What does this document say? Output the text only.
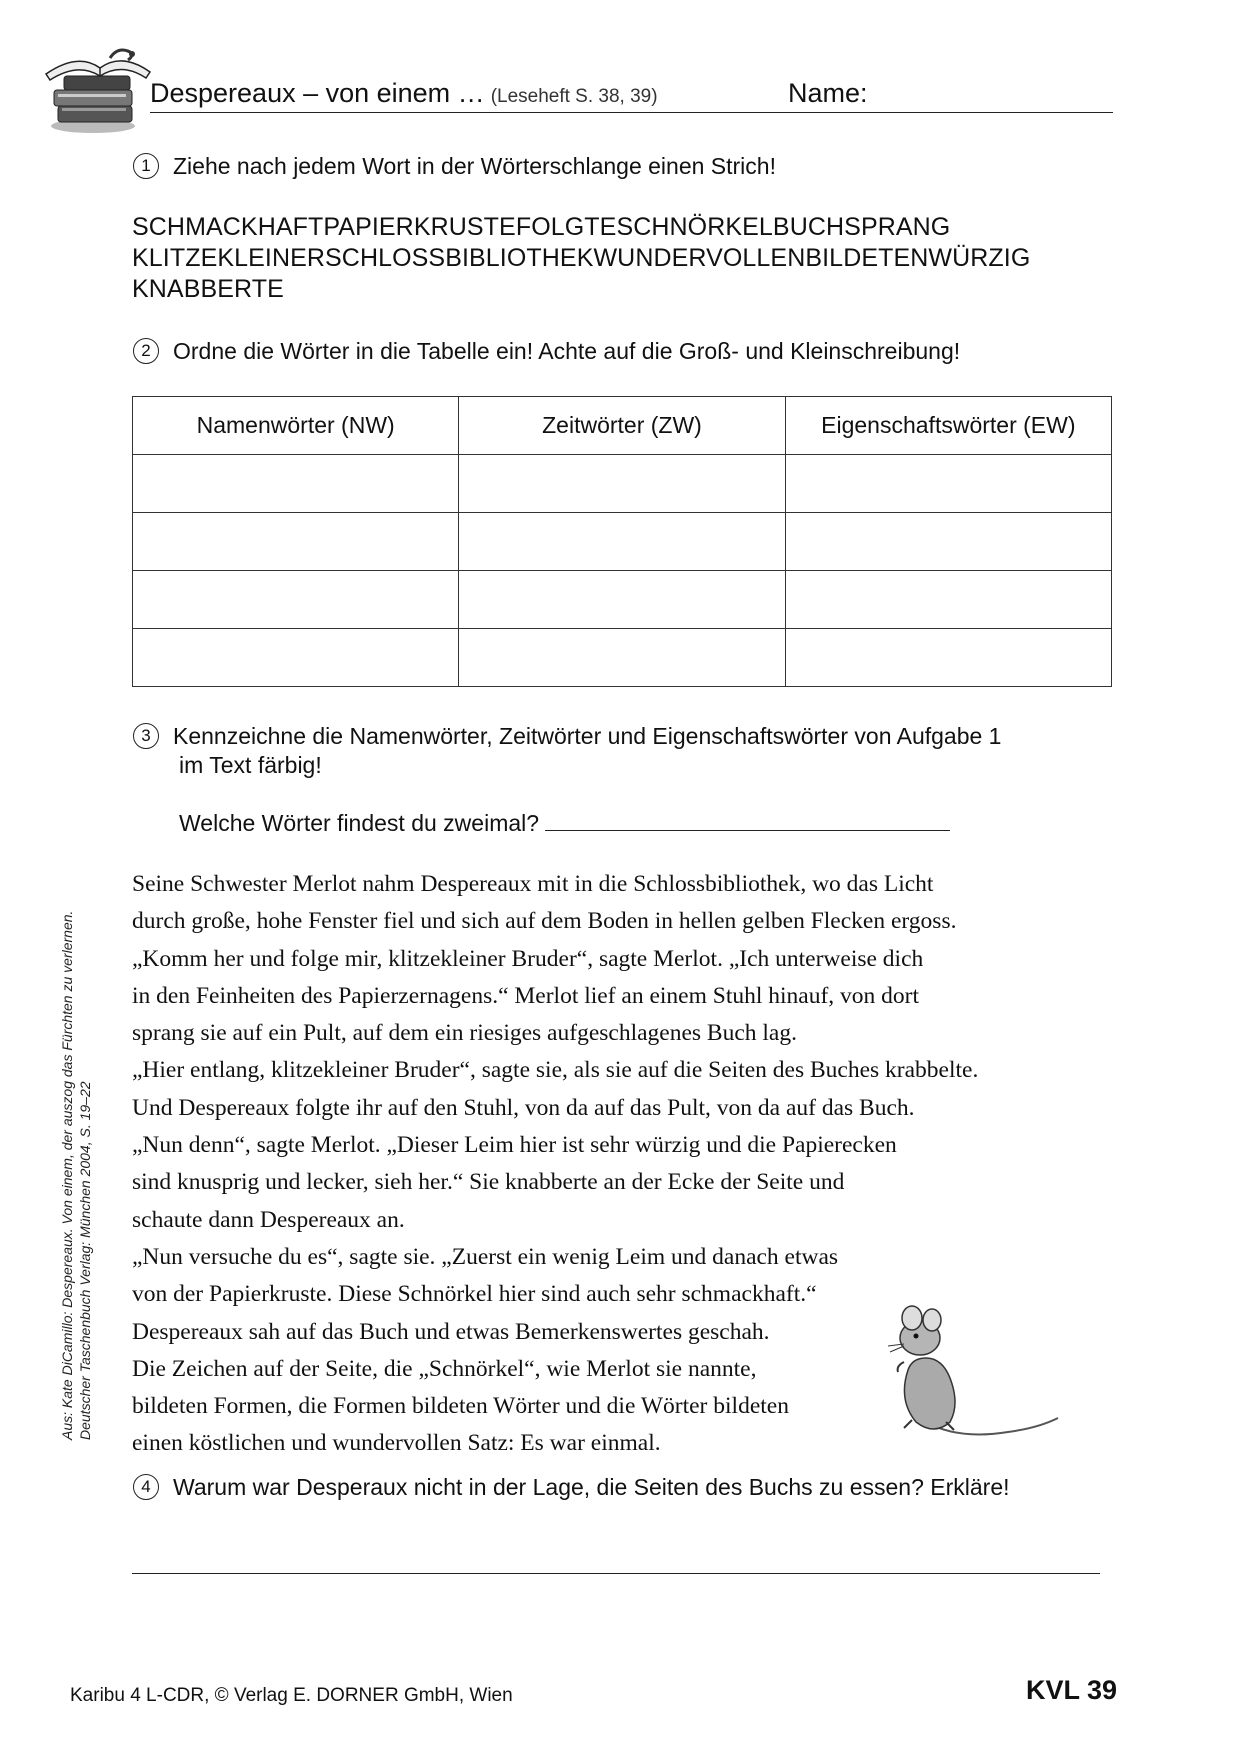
Despereaux – von einem … (Leseheft S. 38, 39)	Name:
1 Ziehe nach jedem Wort in der Wörterschlange einen Strich!
SCHMACKHAFTPAPIERKRUSTEFOLGTESCHNÖRKELBUCHSPRANG
KLITZEKLEINERSCHLOSSBIBLIOTHEKWUNDERVOLLENBILDETENWÜRZIG
KNABBERTE
2 Ordne die Wörter in die Tabelle ein! Achte auf die Groß- und Kleinschreibung!
Namenwörter (NW)	Zeitwörter (ZW)	Eigenschaftswörter (EW)

3 Kennzeichne die Namenwörter, Zeitwörter und Eigenschaftswörter von Aufgabe 1
im Text färbig!
Welche Wörter findest du zweimal?
Seine Schwester Merlot nahm Despereaux mit in die Schlossbibliothek, wo das Licht
durch große, hohe Fenster fiel und sich auf dem Boden in hellen gelben Flecken ergoss.
„Komm her und folge mir, klitzekleiner Bruder“, sagte Merlot. „Ich unterweise dich
in den Feinheiten des Papierzernagens.“ Merlot lief an einem Stuhl hinauf, von dort
sprang sie auf ein Pult, auf dem ein riesiges aufgeschlagenes Buch lag.
„Hier entlang, klitzekleiner Bruder“, sagte sie, als sie auf die Seiten des Buches krabbelte.
Und Despereaux folgte ihr auf den Stuhl, von da auf das Pult, von da auf das Buch.
„Nun denn“, sagte Merlot. „Dieser Leim hier ist sehr würzig und die Papierecken
sind knusprig und lecker, sieh her.“ Sie knabberte an der Ecke der Seite und
schaute dann Despereaux an.
„Nun versuche du es“, sagte sie. „Zuerst ein wenig Leim und danach etwas
von der Papierkruste. Diese Schnörkel hier sind auch sehr schmackhaft.“
Despereaux sah auf das Buch und etwas Bemerkenswertes geschah.
Die Zeichen auf der Seite, die „Schnörkel“, wie Merlot sie nannte,
bildeten Formen, die Formen bildeten Wörter und die Wörter bildeten
einen köstlichen und wundervollen Satz: Es war einmal.
4 Warum war Desperaux nicht in der Lage, die Seiten des Buchs zu essen? Erkläre!
Aus: Kate DiCamillo: Despereaux. Von einem, der auszog das Fürchten zu verlernen. Deutscher Taschenbuch Verlag: München 2004, S. 19–22
Karibu 4 L-CDR, © Verlag E. DORNER GmbH, Wien	KVL 39
